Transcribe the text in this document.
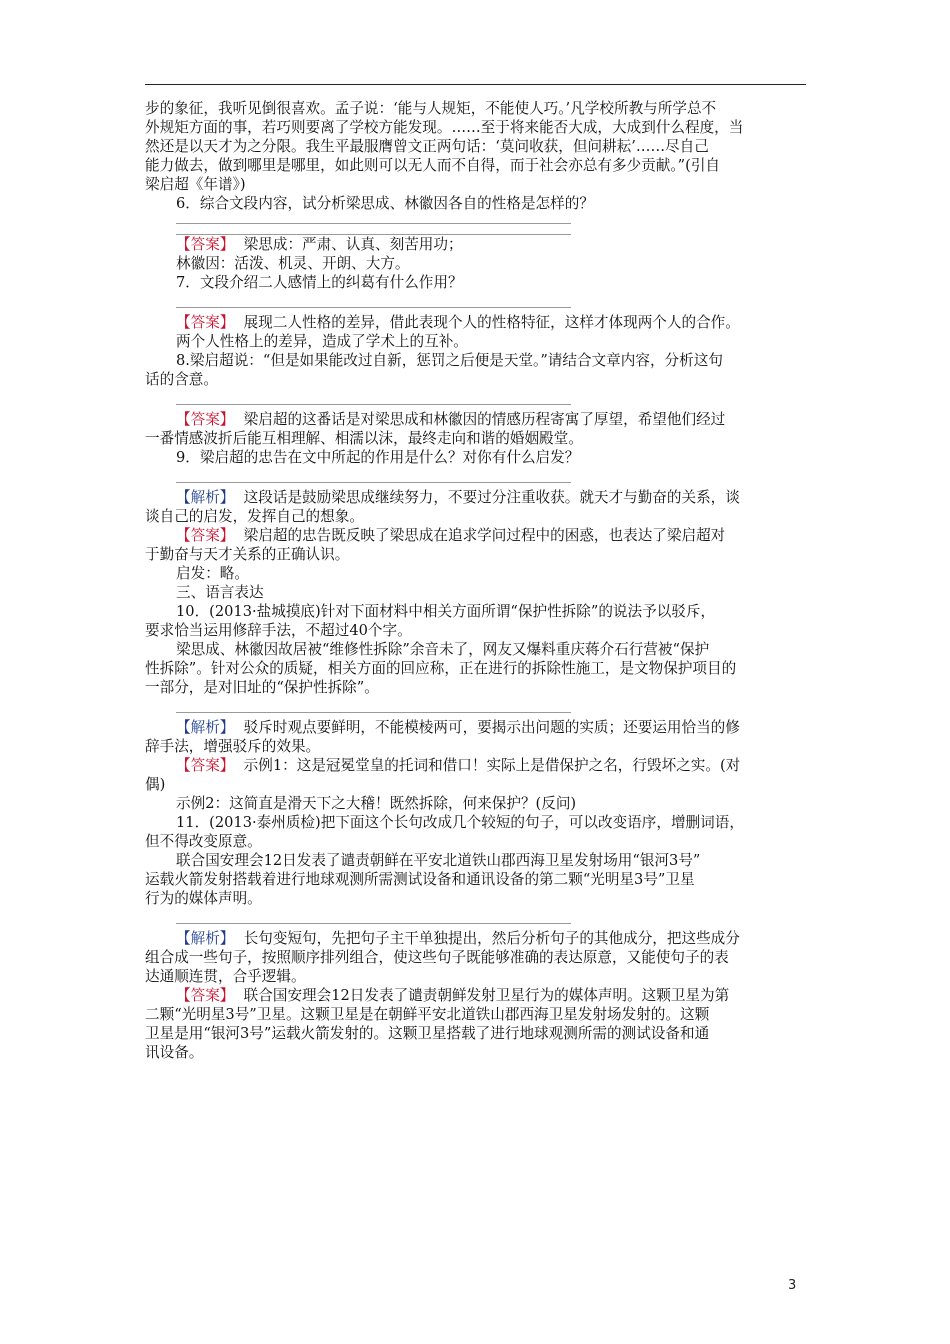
步的象征，我听见倒很喜欢。孟子说：‘能与人规矩，不能使人巧。’凡学校所教与所学总不

外规矩方面的事，若巧则要离了学校方能发现。……至于将来能否大成，大成到什么程度，当

然还是以天才为之分限。我生平最服膺曾文正两句话：‘莫问收获，但问耕耘’……尽自己

能力做去，做到哪里是哪里，如此则可以无人而不自得，而于社会亦总有多少贡献。”(引自

梁启超《年谱》)

6．综合文段内容，试分析梁思成、林徽因各自的性格是怎样的？

【答案】 梁思成：严肃、认真、刻苦用功；

林徽因：活泼、机灵、开朗、大方。

7．文段介绍二人感情上的纠葛有什么作用？

【答案】 展现二人性格的差异，借此表现个人的性格特征，这样才体现两个人的合作。

两个人性格上的差异，造成了学术上的互补。

8.梁启超说：“但是如果能改过自新，惩罚之后便是天堂。”请结合文章内容，分析这句

话的含意。

【答案】 梁启超的这番话是对梁思成和林徽因的情感历程寄寓了厚望，希望他们经过

一番情感波折后能互相理解、相濡以沫，最终走向和谐的婚姻殿堂。

9．梁启超的忠告在文中所起的作用是什么？对你有什么启发？

【解析】 这段话是鼓励梁思成继续努力，不要过分注重收获。就天才与勤奋的关系，谈

谈自己的启发，发挥自己的想象。

【答案】 梁启超的忠告既反映了梁思成在追求学问过程中的困惑，也表达了梁启超对

于勤奋与天才关系的正确认识。

启发：略。

三、语言表达

10．(2013·盐城摸底)针对下面材料中相关方面所谓“保护性拆除”的说法予以驳斥，

要求恰当运用修辞手法，不超过40个字。

梁思成、林徽因故居被“维修性拆除”余音未了，网友又爆料重庆蒋介石行营被“保护

性拆除”。针对公众的质疑，相关方面的回应称，正在进行的拆除性施工，是文物保护项目的

一部分，是对旧址的“保护性拆除”。

【解析】 驳斥时观点要鲜明，不能模棱两可，要揭示出问题的实质；还要运用恰当的修

辞手法，增强驳斥的效果。

【答案】 示例1：这是冠冕堂皇的托词和借口！实际上是借保护之名，行毁坏之实。(对

偶)

示例2：这简直是滑天下之大稽！既然拆除，何来保护？(反问)

11．(2013·泰州质检)把下面这个长句改成几个较短的句子，可以改变语序，增删词语，

但不得改变原意。

联合国安理会12日发表了谴责朝鲜在平安北道铁山郡西海卫星发射场用“银河3号”

运载火箭发射搭载着进行地球观测所需测试设备和通讯设备的第二颗“光明星3号”卫星

行为的媒体声明。

【解析】 长句变短句，先把句子主干单独提出，然后分析句子的其他成分，把这些成分

组合成一些句子，按照顺序排列组合，使这些句子既能够准确的表达原意，又能使句子的表

达通顺连贯，合乎逻辑。

【答案】 联合国安理会12日发表了谴责朝鲜发射卫星行为的媒体声明。这颗卫星为第

二颗“光明星3号”卫星。这颗卫星是在朝鲜平安北道铁山郡西海卫星发射场发射的。这颗

卫星是用“银河3号”运载火箭发射的。这颗卫星搭载了进行地球观测所需的测试设备和通

讯设备。

3
